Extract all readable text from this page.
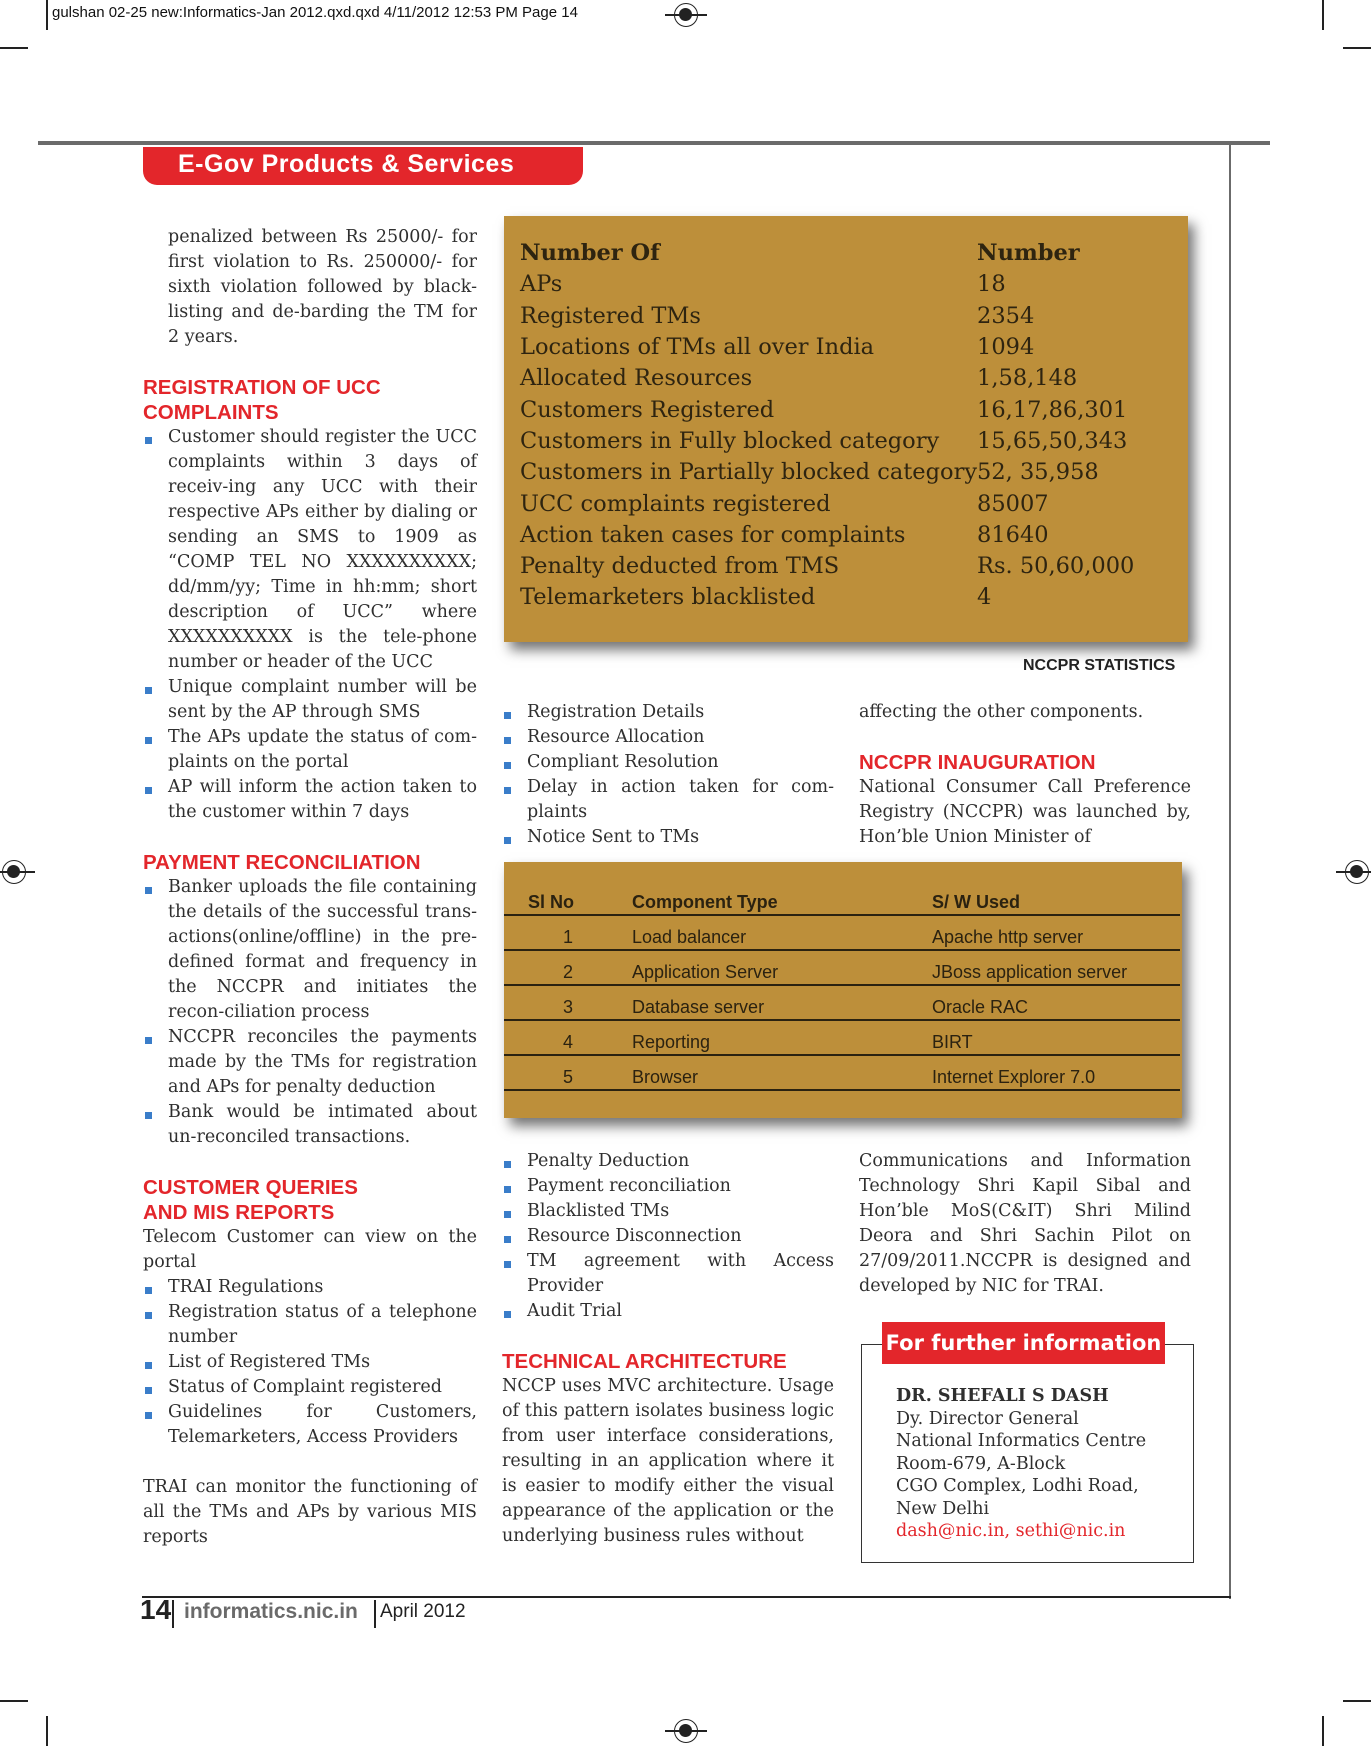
gulshan 02-25 new:Informatics-Jan 2012.qxd.qxd 4/11/2012 12:53 PM Page 14
E-Gov Products & Services

penalized between Rs 25000/- for first violation to Rs. 250000/- for sixth violation followed by black-listing and de-barding the TM for 2 years.

REGISTRATION OF UCC
COMPLAINTS
Customer should register the UCC complaints within 3 days of receiv-ing any UCC with their respective APs either by dialing or sending an SMS to 1909 as “COMP TEL NO XXXXXXXXXX; dd/mm/yy; Time in hh:mm; short description of UCC” where XXXXXXXXXX is the tele-phone number or header of the UCC
Unique complaint number will be sent by the AP through SMS
The APs update the status of com-plaints on the portal
AP will inform the action taken to the customer within 7 days
PAYMENT RECONCILIATION
Banker uploads the file containing the details of the successful trans-actions(online/offline) in the pre-defined format and frequency in the NCCPR and initiates the recon-ciliation process
NCCPR reconciles the payments made by the TMs for registration and APs for penalty deduction
Bank would be intimated about un-reconciled transactions.
CUSTOMER QUERIES
AND MIS REPORTS

Telecom Customer can view on the portal

TRAI Regulations
Registration status of a telephone number
List of Registered TMs
Status of Complaint registered
Guidelines for Customers, Telemarketers, Access Providers

TRAI can monitor the functioning of all the TMs and APs by various MIS reports

Number Of	Number
APs	18
Registered TMs	2354
Locations of TMs all over India	1094
Allocated Resources	1,58,148
Customers Registered	16,17,86,301
Customers in Fully blocked category	15,65,50,343
Customers in Partially blocked category	52, 35,958
UCC complaints registered	85007
Action taken cases for complaints	81640
Penalty deducted from TMS	Rs. 50,60,000
Telemarketers blacklisted	4
NCCPR STATISTICS
Registration Details
Resource Allocation
Compliant Resolution
Delay in action taken for com-plaints
Notice Sent to TMs

affecting the other components.

NCCPR INAUGURATION

National Consumer Call Preference Registry (NCCPR) was launched by, Hon’ble Union Minister of

Sl No	Component Type	S/ W Used
1	Load balancer	Apache http server
2	Application Server	JBoss application server
3	Database server	Oracle RAC
4	Reporting	BIRT
5	Browser	Internet Explorer 7.0
Penalty Deduction
Payment reconciliation
Blacklisted TMs
Resource Disconnection
TM agreement with Access Provider
Audit Trial
TECHNICAL ARCHITECTURE

NCCP uses MVC architecture. Usage of this pattern isolates business logic from user interface considerations, resulting in an application where it is easier to modify either the visual appearance of the application or the underlying business rules without

Communications and Information Technology Shri Kapil Sibal and Hon’ble MoS(C&IT) Shri Milind Deora and Shri Sachin Pilot on 27/09/2011.NCCPR is designed and developed by NIC for TRAI.

For further information
DR. SHEFALI S DASH
Dy. Director General
National Informatics Centre
Room-679, A-Block
CGO Complex, Lodhi Road,
New Delhi
dash@nic.in, sethi@nic.in
14 informatics.nic.in April 2012
